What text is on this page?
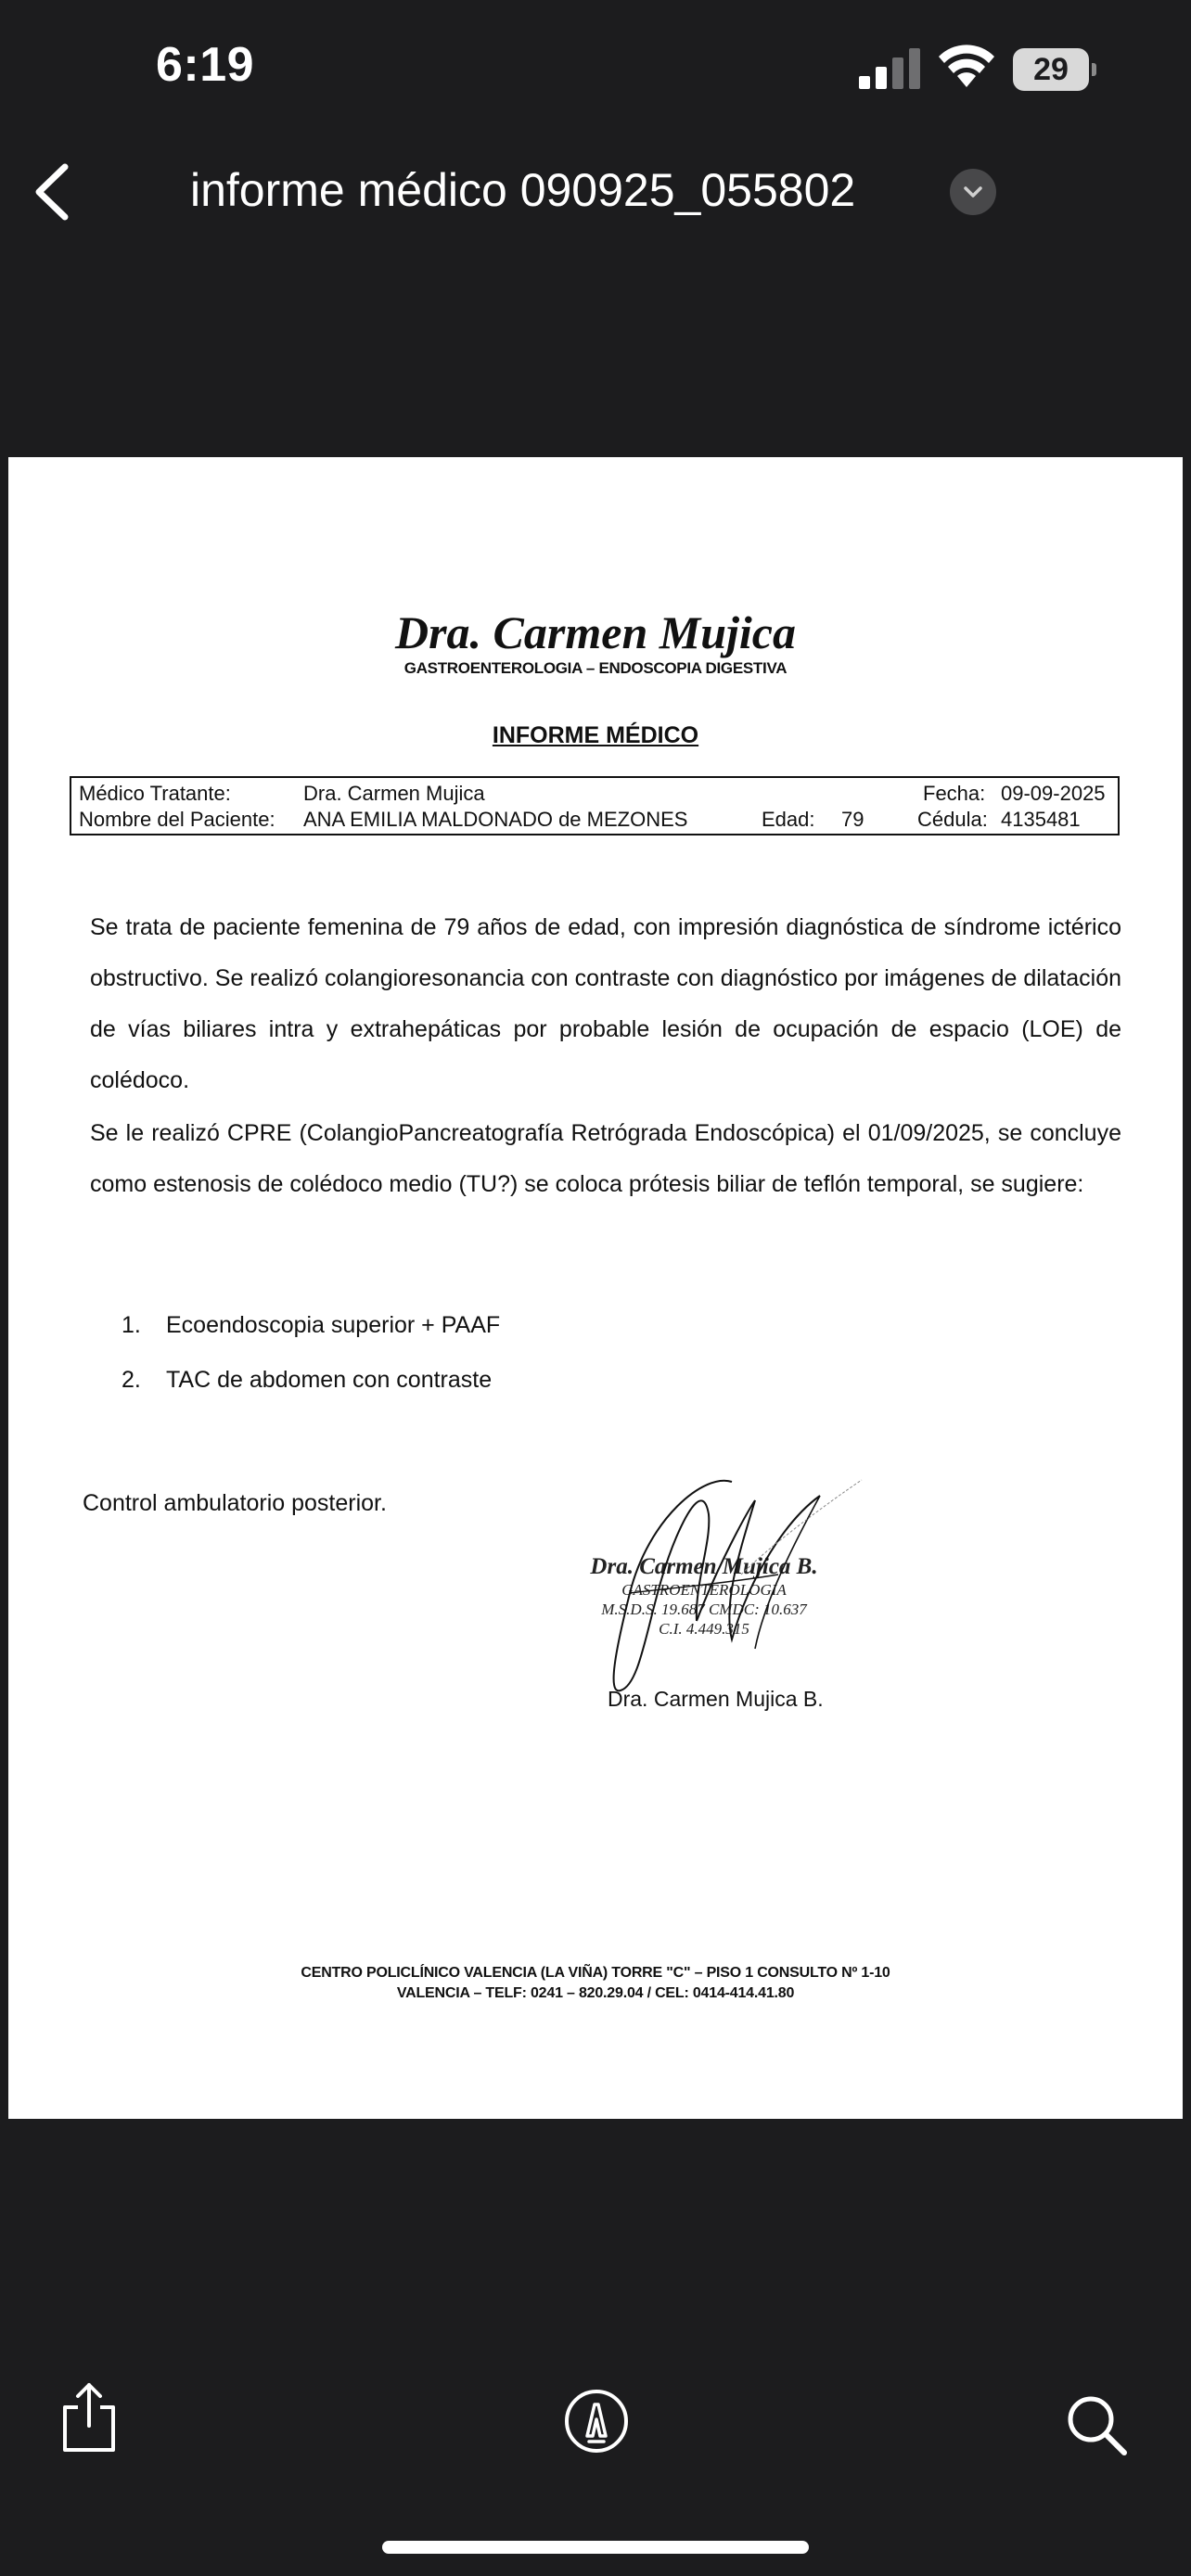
6:19	29
informe médico 090925_055802
Dra. Carmen Mujica
GASTROENTEROLOGIA – ENDOSCOPIA DIGESTIVA
INFORME MÉDICO
Médico Tratante:	Dra. Carmen Mujica	Fecha: 09-09-2025
Nombre del Paciente: ANA EMILIA MALDONADO de MEZONES	Edad: 79	Cédula: 4135481
Se trata de paciente femenina de 79 años de edad, con impresión diagnóstica de síndrome ictérico obstructivo. Se realizó colangioresonancia con contraste con diagnóstico por imágenes de dilatación de vías biliares intra y extrahepáticas por probable lesión de ocupación de espacio (LOE) de colédoco.
Se le realizó CPRE (ColangioPancreatografía Retrógrada Endoscópica) el 01/09/2025, se concluye como estenosis de colédoco medio (TU?) se coloca prótesis biliar de teflón temporal, se sugiere:
1.	Ecoendoscopia superior + PAAF
2.	TAC de abdomen con contraste
Control ambulatorio posterior.
Dra. Carmen Mujica B.
GASTROENTEROLOGIA
M.S.D.S. 19.687 CMDC: 10.637
C.I. 4.449.315
Dra. Carmen Mujica B.
CENTRO POLICLÍNICO VALENCIA (LA VIÑA) TORRE "C" – PISO 1 CONSULTO Nº 1-10
VALENCIA – TELF: 0241 – 820.29.04 / CEL: 0414-414.41.80
